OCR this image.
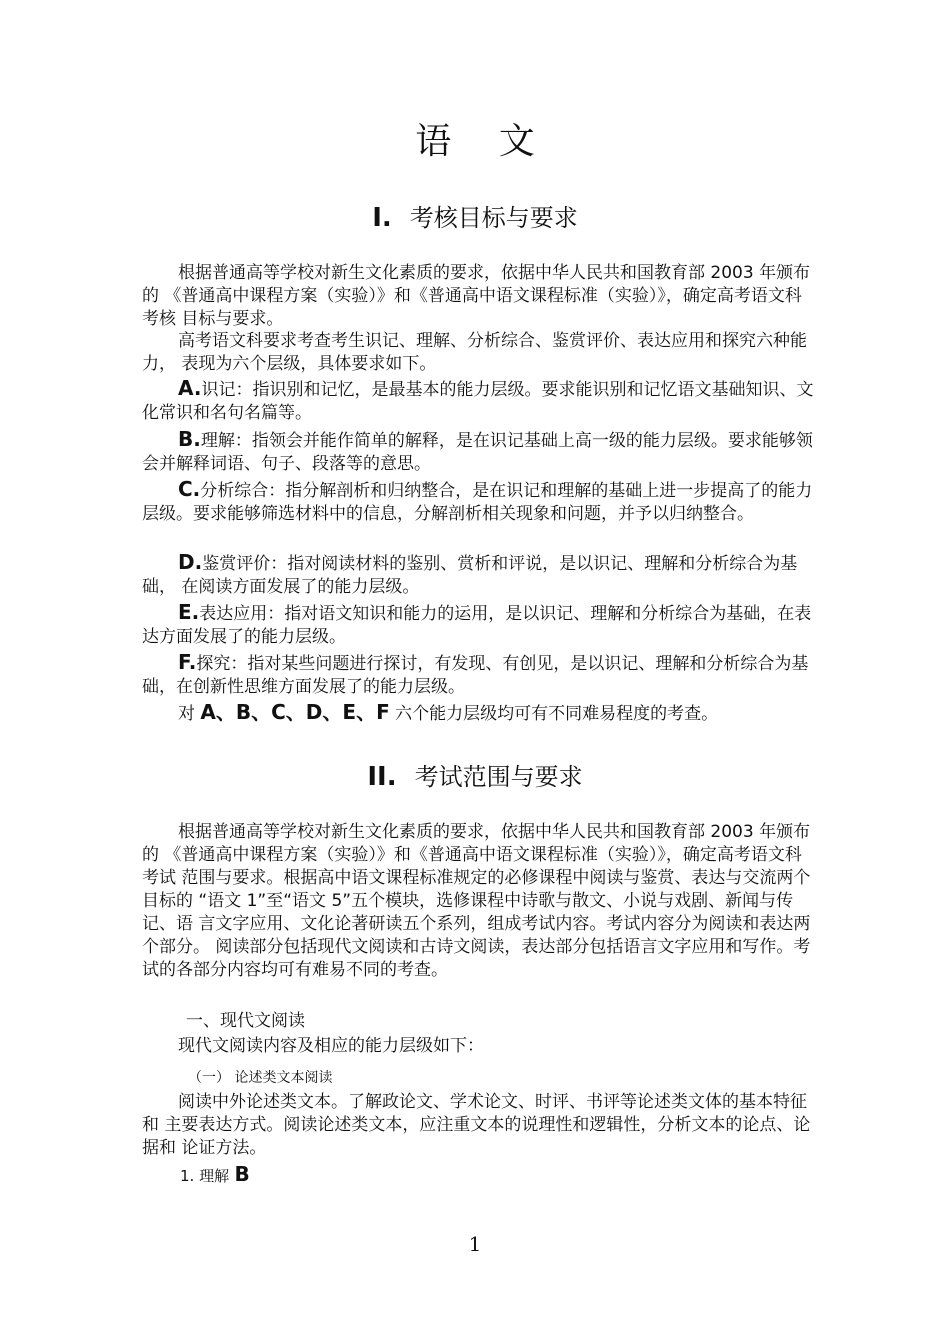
语 文
I. 考核目标与要求

根据普通高等学校对新生文化素质的要求，依据中华人民共和国教育部 2003 年颁布的 《普通高中课程方案（实验）》和《普通高中语文课程标准（实验）》，确定高考语文科考核 目标与要求。

高考语文科要求考查考生识记、理解、分析综合、鉴赏评价、表达应用和探究六种能力， 表现为六个层级，具体要求如下。

A.识记：指识别和记忆，是最基本的能力层级。要求能识别和记忆语文基础知识、文 化常识和名句名篇等。

B.理解：指领会并能作简单的解释，是在识记基础上高一级的能力层级。要求能够领 会并解释词语、句子、段落等的意思。

C.分析综合：指分解剖析和归纳整合，是在识记和理解的基础上进一步提高了的能力 层级。要求能够筛选材料中的信息，分解剖析相关现象和问题，并予以归纳整合。

D.鉴赏评价：指对阅读材料的鉴别、赏析和评说，是以识记、理解和分析综合为基础， 在阅读方面发展了的能力层级。

E.表达应用：指对语文知识和能力的运用，是以识记、理解和分析综合为基础，在表 达方面发展了的能力层级。

F.探究：指对某些问题进行探讨，有发现、有创见，是以识记、理解和分析综合为基 础，在创新性思维方面发展了的能力层级。

对 A、B、C、D、E、F 六个能力层级均可有不同难易程度的考查。

II. 考试范围与要求

根据普通高等学校对新生文化素质的要求，依据中华人民共和国教育部 2003 年颁布的 《普通高中课程方案（实验）》和《普通高中语文课程标准（实验）》，确定高考语文科考试 范围与要求。根据高中语文课程标准规定的必修课程中阅读与鉴赏、表达与交流两个目标的 “语文 1”至“语文 5”五个模块，选修课程中诗歌与散文、小说与戏剧、新闻与传记、语 言文字应用、文化论著研读五个系列，组成考试内容。考试内容分为阅读和表达两个部分。 阅读部分包括现代文阅读和古诗文阅读，表达部分包括语言文字应用和写作。考试的各部分内容均可有难易不同的考查。

一、现代文阅读
现代文阅读内容及相应的能力层级如下：
（一） 论述类文本阅读

阅读中外论述类文本。了解政论文、学术论文、时评、书评等论述类文体的基本特征和 主要表达方式。阅读论述类文本，应注重文本的说理性和逻辑性，分析文本的论点、论据和 论证方法。

1. 理解 B
1
